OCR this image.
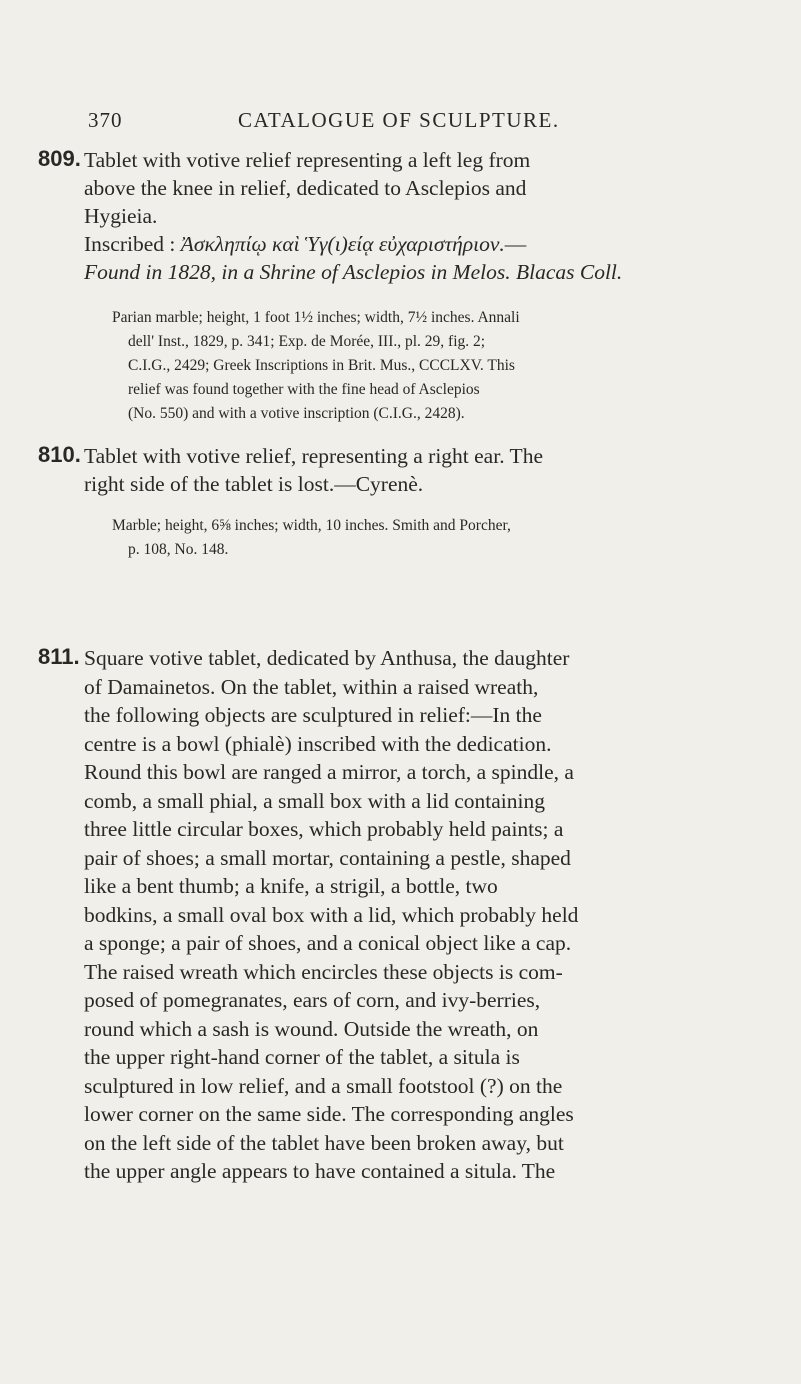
370	CATALOGUE OF SCULPTURE.
809. Tablet with votive relief representing a left leg from
above the knee in relief, dedicated to Asclepios and
Hygieia.
Inscribed : Ἀσκληπίῳ καὶ Ὑγ(ι)είᾳ εὐχαριστήριον.—
Found in 1828, in a Shrine of Asclepios in Melos. Blacas Coll.
Parian marble; height, 1 foot 1½ inches; width, 7½ inches. Annali
dell' Inst., 1829, p. 341; Exp. de Morée, III., pl. 29, fig. 2;
C.I.G., 2429; Greek Inscriptions in Brit. Mus., CCCLXV. This
relief was found together with the fine head of Asclepios
(No. 550) and with a votive inscription (C.I.G., 2428).
810. Tablet with votive relief, representing a right ear. The
right side of the tablet is lost.—Cyrenè.
Marble; height, 6⅝ inches; width, 10 inches. Smith and Porcher,
p. 108, No. 148.
811. Square votive tablet, dedicated by Anthusa, the daughter
of Damainetos. On the tablet, within a raised wreath,
the following objects are sculptured in relief:—In the
centre is a bowl (phialè) inscribed with the dedication.
Round this bowl are ranged a mirror, a torch, a spindle, a
comb, a small phial, a small box with a lid containing
three little circular boxes, which probably held paints; a
pair of shoes; a small mortar, containing a pestle, shaped
like a bent thumb; a knife, a strigil, a bottle, two
bodkins, a small oval box with a lid, which probably held
a sponge; a pair of shoes, and a conical object like a cap.
The raised wreath which encircles these objects is com-
posed of pomegranates, ears of corn, and ivy-berries,
round which a sash is wound. Outside the wreath, on
the upper right-hand corner of the tablet, a situla is
sculptured in low relief, and a small footstool (?) on the
lower corner on the same side. The corresponding angles
on the left side of the tablet have been broken away, but
the upper angle appears to have contained a situla. The
